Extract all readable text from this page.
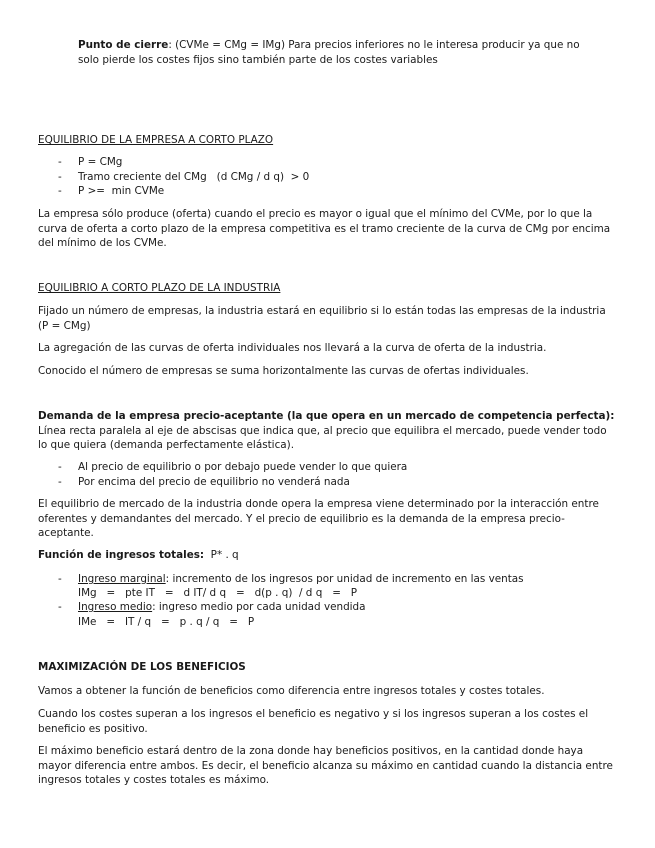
Punto de cierre: (CVMe = CMg = IMg) Para precios inferiores no le interesa producir ya que no

solo pierde los costes fijos sino también parte de los costes variables

EQUILIBRIO DE LA EMPRESA A CORTO PLAZO

- P = CMg
- Tramo creciente del CMg   (d CMg / d q)  > 0
- P >=  min CVMe

La empresa sólo produce (oferta) cuando el precio es mayor o igual que el mínimo del CVMe, por lo que la curva de oferta a corto plazo de la empresa competitiva es el tramo creciente de la curva de CMg por encima del mínimo de los CVMe.

EQUILIBRIO A CORTO PLAZO DE LA INDUSTRIA

Fijado un número de empresas, la industria estará en equilibrio si lo están todas las empresas de la industria (P = CMg)

La agregación de las curvas de oferta individuales nos llevará a la curva de oferta de la industria.

Conocido el número de empresas se suma horizontalmente las curvas de ofertas individuales.

Demanda de la empresa precio-aceptante (la que opera en un mercado de competencia perfecta): Línea recta paralela al eje de abscisas que indica que, al precio que equilibra el mercado, puede vender todo lo que quiera (demanda perfectamente elástica).

- Al precio de equilibrio o por debajo puede vender lo que quiera
- Por encima del precio de equilibrio no venderá nada

El equilibrio de mercado de la industria donde opera la empresa viene determinado por la interacción entre oferentes y demandantes del mercado. Y el precio de equilibrio es la demanda de la empresa precio-aceptante.

Función de ingresos totales:  P* . q

- Ingreso marginal: incremento de los ingresos por unidad de incremento en las ventas
IMg   =   pte IT   =   d IT/ d q   =   d(p . q)  / d q   =   P
- Ingreso medio: ingreso medio por cada unidad vendida
IMe   =   IT / q   =   p . q / q   =   P

MAXIMIZACIÓN DE LOS BENEFICIOS

Vamos a obtener la función de beneficios como diferencia entre ingresos totales y costes totales.

Cuando los costes superan a los ingresos el beneficio es negativo y si los ingresos superan a los costes el beneficio es positivo.

El máximo beneficio estará dentro de la zona donde hay beneficios positivos, en la cantidad donde haya mayor diferencia entre ambos. Es decir, el beneficio alcanza su máximo en cantidad cuando la distancia entre ingresos totales y costes totales es máximo.
